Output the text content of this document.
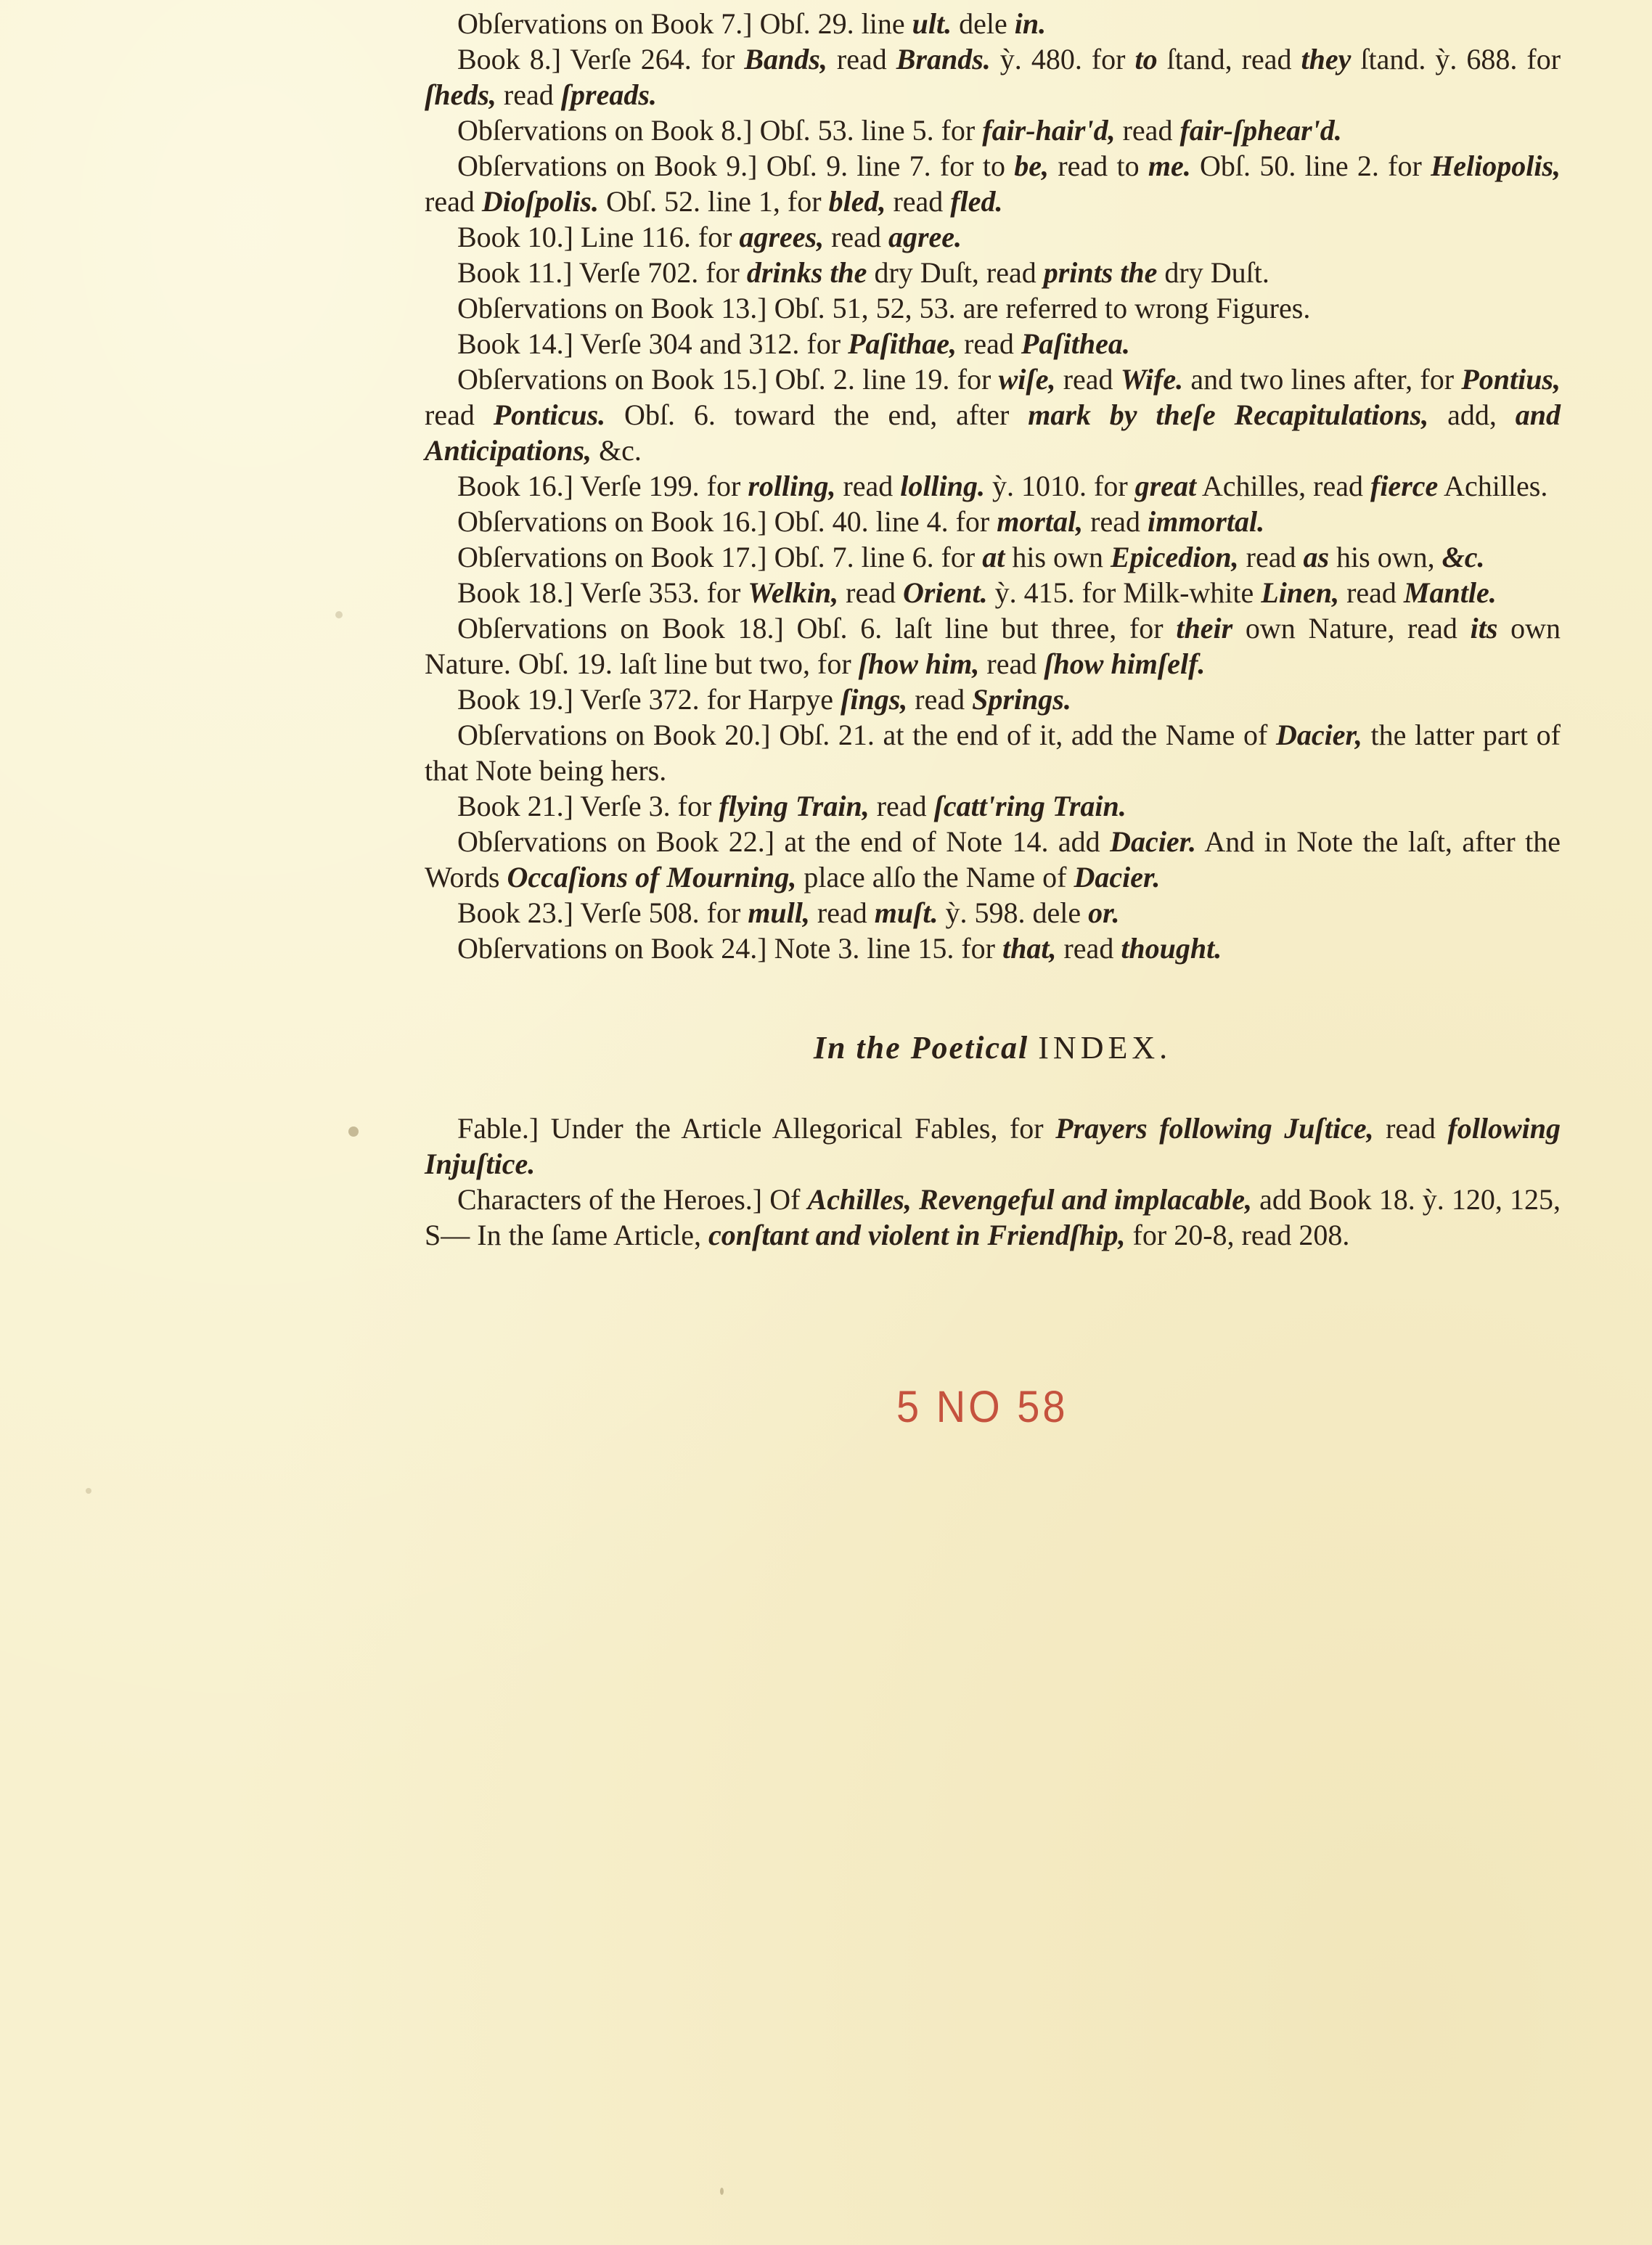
Obſervations on Book 7.] Obſ. 29. line ult. dele in.

Book 8.] Verſe 264. for Bands, read Brands. ỳ. 480. for to ſtand, read they ſtand. ỳ. 688. for ſheds, read ſpreads.

Obſervations on Book 8.] Obſ. 53. line 5. for fair-hair'd, read fair-ſphear'd.

Obſervations on Book 9.] Obſ. 9. line 7. for to be, read to me. Obſ. 50. line 2. for Heliopolis, read Dioſpolis. Obſ. 52. line 1, for bled, read fled.

Book 10.] Line 116. for agrees, read agree.

Book 11.] Verſe 702. for drinks the dry Duſt, read prints the dry Duſt.

Obſervations on Book 13.] Obſ. 51, 52, 53. are referred to wrong Figures.

Book 14.] Verſe 304 and 312. for Paſithae, read Paſithea.

Obſervations on Book 15.] Obſ. 2. line 19. for wiſe, read Wife. and two lines after, for Pontius, read Ponticus. Obſ. 6. toward the end, after mark by theſe Recapitulations, add, and Anticipations, &c.

Book 16.] Verſe 199. for rolling, read lolling. ỳ. 1010. for great Achilles, read fierce Achilles.

Obſervations on Book 16.] Obſ. 40. line 4. for mortal, read immortal.

Obſervations on Book 17.] Obſ. 7. line 6. for at his own Epicedion, read as his own, &c.

Book 18.] Verſe 353. for Welkin, read Orient. ỳ. 415. for Milk-white Linen, read Mantle.

Obſervations on Book 18.] Obſ. 6. laſt line but three, for their own Nature, read its own Nature. Obſ. 19. laſt line but two, for ſhow him, read ſhow himſelf.

Book 19.] Verſe 372. for Harpye ſings, read Springs.

Obſervations on Book 20.] Obſ. 21. at the end of it, add the Name of Dacier, the latter part of that Note being hers.

Book 21.] Verſe 3. for flying Train, read ſcatt'ring Train.

Obſervations on Book 22.] at the end of Note 14. add Dacier. And in Note the laſt, after the Words Occaſions of Mourning, place alſo the Name of Dacier.

Book 23.] Verſe 508. for mull, read muſt. ỳ. 598. dele or.

Obſervations on Book 24.] Note 3. line 15. for that, read thought.

In the Poetical INDEX.

Fable.] Under the Article Allegorical Fables, for Prayers following Juſtice, read following Injuſtice.

Characters of the Heroes.] Of Achilles, Revengeful and implacable, add Book 18. ỳ. 120, 125, S— In the ſame Article, conſtant and violent in Friendſhip, for 20-8, read 208.

5 NO 58
